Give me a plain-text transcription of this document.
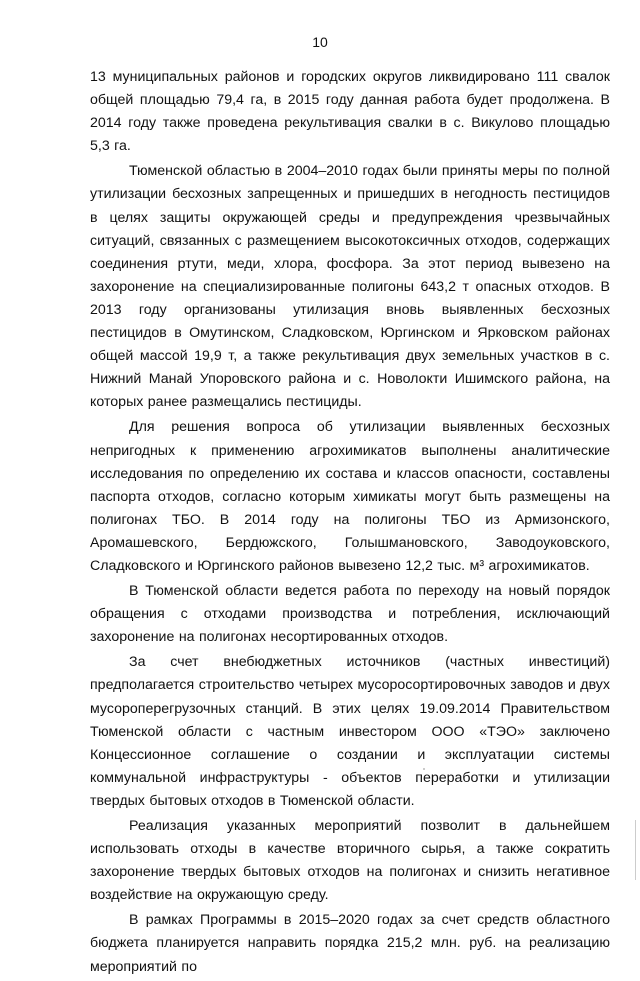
10

13 муниципальных районов и городских округов ликвидировано 111 свалок общей площадью 79,4 га, в 2015 году данная работа будет продолжена. В 2014 году также проведена рекультивация свалки в с. Викулово площадью 5,3 га.

Тюменской областью в 2004–2010 годах были приняты меры по полной утилизации бесхозных запрещенных и пришедших в негодность пестицидов в целях защиты окружающей среды и предупреждения чрезвычайных ситуаций, связанных с размещением высокотоксичных отходов, содержащих соединения ртути, меди, хлора, фосфора. За этот период вывезено на захоронение на специализированные полигоны 643,2 т опасных отходов. В 2013 году организованы утилизация вновь выявленных бесхозных пестицидов в Омутинском, Сладковском, Юргинском и Ярковском районах общей массой 19,9 т, а также рекультивация двух земельных участков в с. Нижний Манай Упоровского района и с. Новолокти Ишимского района, на которых ранее размещались пестициды.

Для решения вопроса об утилизации выявленных бесхозных непригодных к применению агрохимикатов выполнены аналитические исследования по определению их состава и классов опасности, составлены паспорта отходов, согласно которым химикаты могут быть размещены на полигонах ТБО. В 2014 году на полигоны ТБО из Армизонского, Аромашевского, Бердюжского, Голышмановского, Заводоуковского, Сладковского и Юргинского районов вывезено 12,2 тыс. м³ агрохимикатов.

В Тюменской области ведется работа по переходу на новый порядок обращения с отходами производства и потребления, исключающий захоронение на полигонах несортированных отходов.

За счет внебюджетных источников (частных инвестиций) предполагается строительство четырех мусоросортировочных заводов и двух мусороперегрузочных станций. В этих целях 19.09.2014 Правительством Тюменской области с частным инвестором ООО «ТЭО» заключено Концессионное соглашение о создании и эксплуатации системы коммунальной инфраструктуры - объектов переработки и утилизации твердых бытовых отходов в Тюменской области.

Реализация указанных мероприятий позволит в дальнейшем использовать отходы в качестве вторичного сырья, а также сократить захоронение твердых бытовых отходов на полигонах и снизить негативное воздействие на окружающую среду.

В рамках Программы в 2015–2020 годах за счет средств областного бюджета планируется направить порядка 215,2 млн. руб. на реализацию мероприятий по
